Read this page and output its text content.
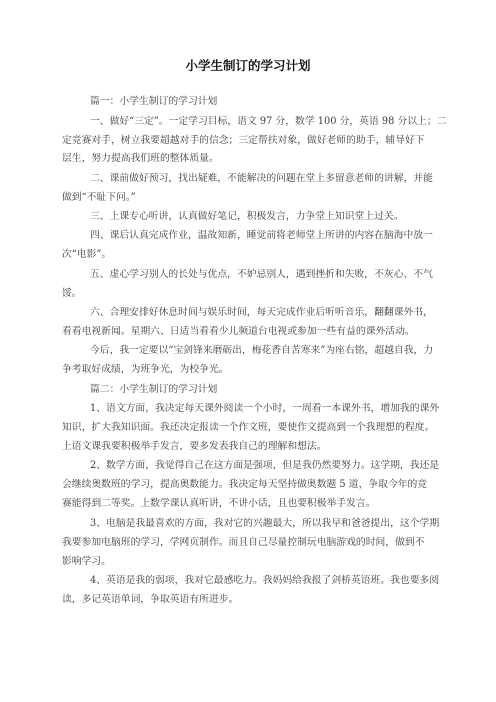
小学生制订的学习计划
篇一：小学生制订的学习计划
一、做好“三定”。一定学习目标，语文 97 分，数学 100 分，英语 98 分以上；二
定竞赛对手，树立我要超越对手的信念；三定帮扶对象，做好老师的助手，辅导好下
层生，努力提高我们班的整体质量。
二、课前做好预习，找出疑难，不能解决的问题在堂上多留意老师的讲解，并能
做到“不耻下问。”
三、上课专心听讲，认真做好笔记，积极发言，力争堂上知识堂上过关。
四、课后认真完成作业，温故知新，睡觉前将老师堂上所讲的内容在脑海中放一
次“电影”。
五、虚心学习别人的长处与优点，不妒忌别人，遇到挫折和失败，不灰心、不气
馁。
六、合理安排好休息时间与娱乐时间，每天完成作业后听听音乐，翻翻课外书，
看看电视新闻。星期六、日适当看看少儿频道台电视或参加一些有益的课外活动。
今后，我一定要以“宝剑锋来磨砺出，梅花香自苦寒来”为座右铭，超越自我，力
争考取好成绩，为班争光，为校争光。
篇二：小学生制订的学习计划
1、语文方面，我决定每天课外阅读一个小时，一周看一本课外书，增加我的课外
知识，扩大我知识面。我还决定报读一个作文班，要使作文提高到一个我理想的程度。
上语文课我要积极举手发言，要多发表我自己的理解和想法。
2、数学方面，我觉得自己在这方面是强项，但是我仍然要努力。这学期，我还是
会继续奥数班的学习，提高奥数能力。我决定每天坚持做奥数题 5 道，争取今年的竞
赛能得到二等奖。上数学课认真听讲，不讲小话，且也要积极举手发言。
3、电脑是我最喜欢的方面，我对它的兴趣最大，所以我早和爸爸提出，这个学期
我要参加电脑班的学习，学网页制作。而且自己尽量控制玩电脑游戏的时间，做到不
影响学习。
4、英语是我的弱项，我对它最感吃力。我妈妈给我报了剑桥英语班。我也要多阅
读，多记英语单词，争取英语有所进步。
